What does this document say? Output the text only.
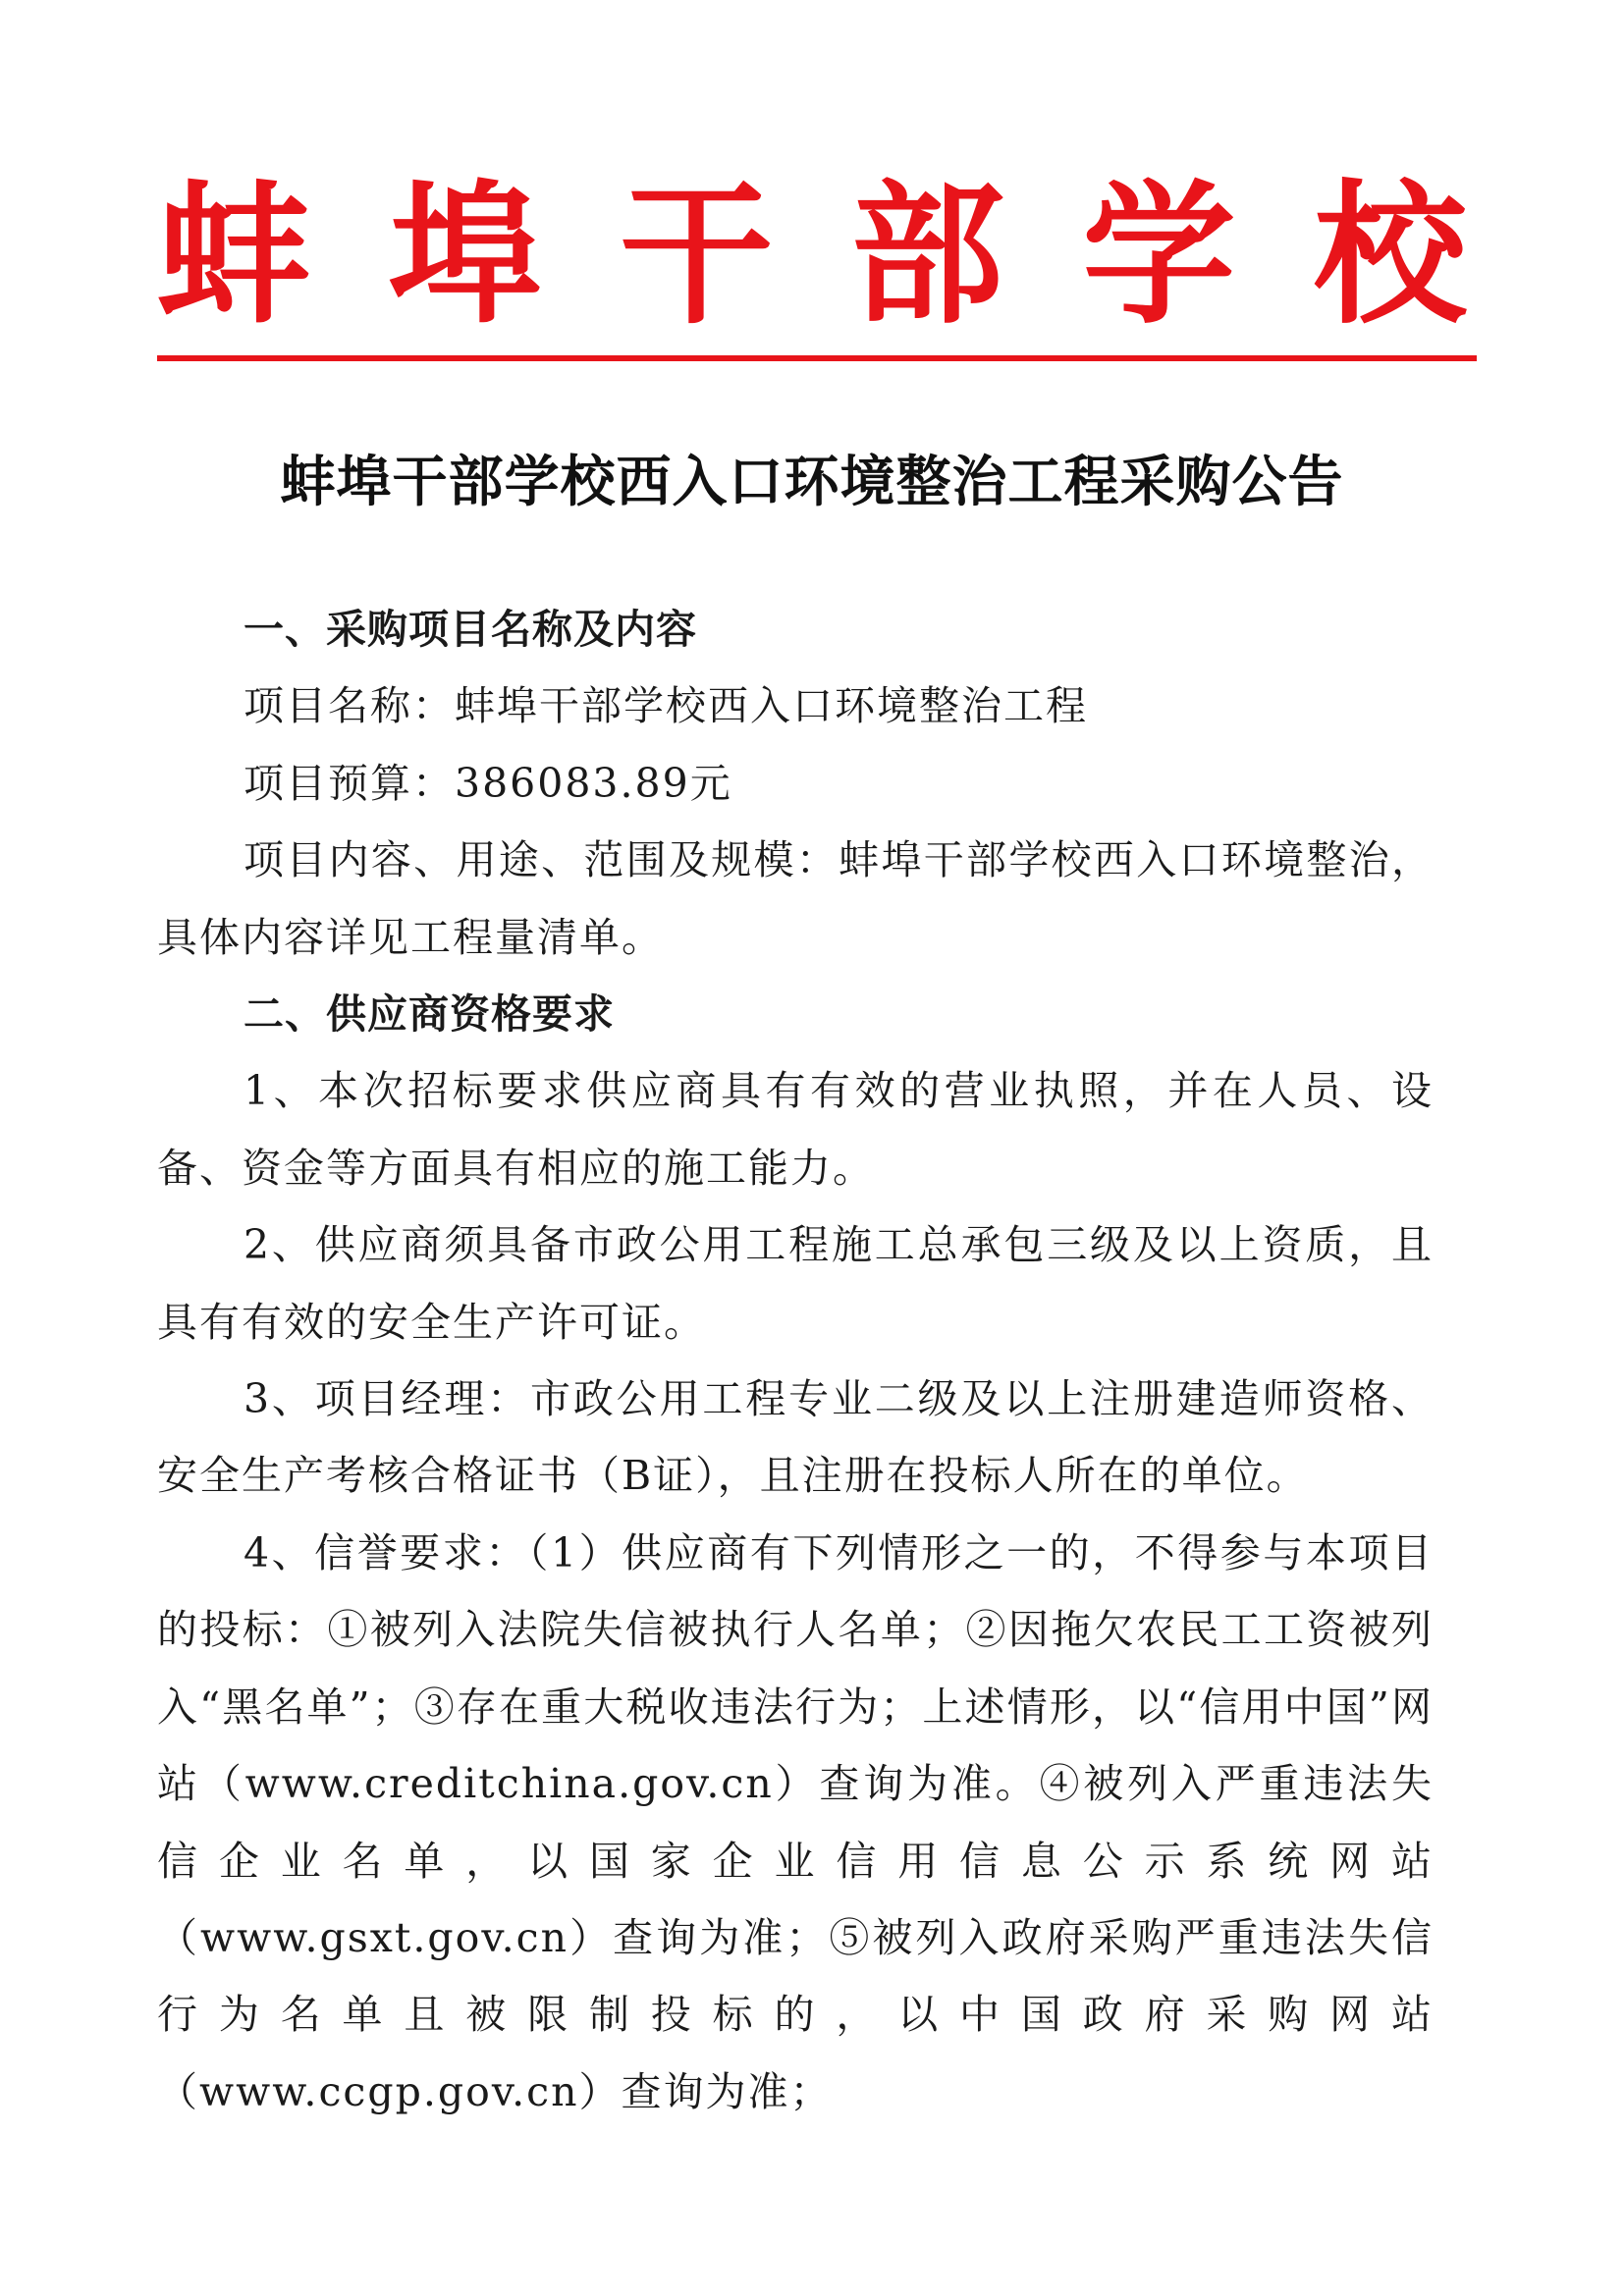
蚌 埠 干 部 学 校
蚌埠干部学校西入口环境整治工程采购公告

一、采购项目名称及内容

项目名称：蚌埠干部学校西入口环境整治工程

项目预算：386083.89元

项目内容、用途、范围及规模：蚌埠干部学校西入口环境整治，具体内容详见工程量清单。

二、供应商资格要求

1、本次招标要求供应商具有有效的营业执照，并在人员、设备、资金等方面具有相应的施工能力。

2、供应商须具备市政公用工程施工总承包三级及以上资质，且具有有效的安全生产许可证。

3、项目经理：市政公用工程专业二级及以上注册建造师资格、安全生产考核合格证书（B证），且注册在投标人所在的单位。

4、信誉要求：（1）供应商有下列情形之一的，不得参与本项目的投标：①被列入法院失信被执行人名单；②因拖欠农民工工资被列入“黑名单”；③存在重大税收违法行为；上述情形，以“信用中国”网站（www.creditchina.gov.cn）查询为准。④被列入严重违法失信企业名单，以国家企业信用信息公示系统网站（www.gsxt.gov.cn）查询为准；⑤被列入政府采购严重违法失信行为名单且被限制投标的，以中国政府采购网站（www.ccgp.gov.cn）查询为准；
